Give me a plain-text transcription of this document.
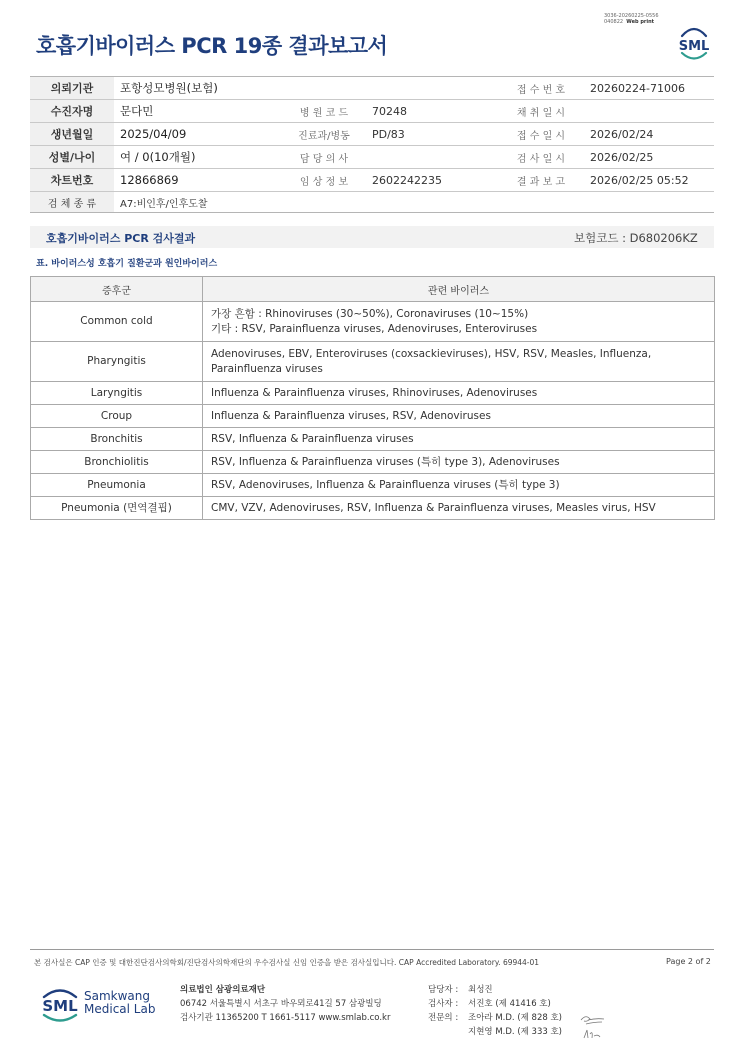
3036-20260225-0556
040822 Web print
호흡기바이러스 PCR 19종 결과보고서	SML
의뢰기관	포항성모병원(보험)			접 수 번 호	20260224-71006
수진자명	문다민	병 원 코 드	70248	채 취 일 시	
생년월일	2025/04/09	진료과/병동	PD/83	접 수 일 시	2026/02/24
성별/나이	여 / 0(10개월)	담 당 의 사		검 사 일 시	2026/02/25
차트번호	12866869	임 상 정 보	2602242235	결 과 보 고	2026/02/25 05:52
검 체 종 류	A7:비인후/인후도찰				
호흡기바이러스 PCR 검사결과	보험코드 : D680206KZ
표. 바이러스성 호흡기 질환군과 원인바이러스
증후군	관련 바이러스
Common cold	가장 흔함 : Rhinoviruses (30~50%), Coronaviruses (10~15%)
기타 : RSV, Parainfluenza viruses, Adenoviruses, Enteroviruses

Pharyngitis	Adenoviruses, EBV, Enteroviruses (coxsackieviruses), HSV, RSV, Measles, Influenza,
Parainfluenza viruses

Laryngitis	Influenza & Parainfluenza viruses, Rhinoviruses, Adenoviruses
Croup	Influenza & Parainfluenza viruses, RSV, Adenoviruses
Bronchitis	RSV, Influenza & Parainfluenza viruses
Bronchiolitis	RSV, Influenza & Parainfluenza viruses (특히 type 3), Adenoviruses
Pneumonia	RSV, Adenoviruses, Influenza & Parainfluenza viruses (특히 type 3)
Pneumonia (면역결핍)	CMV, VZV, Adenoviruses, RSV, Influenza & Parainfluenza viruses, Measles virus, HSV
본 검사실은 CAP 인증 및 대한진단검사의학회/진단검사의학재단의 우수검사실 신임 인증을 받은 검사실입니다. CAP Accredited Laboratory. 69944-01	Page 2 of 2
SML
Samkwang
Medical Lab
의료법인 삼광의료재단
06742 서울특별시 서초구 바우뫼로41길 57 삼광빌딩
검사기관 11365200 T 1661-5117 www.smlab.co.kr
담당자 : 최성진
검사자 : 서진호 (제 41416 호)
전문의 : 조아라 M.D. (제 828 호)
지현영 M.D. (제 333 호)
